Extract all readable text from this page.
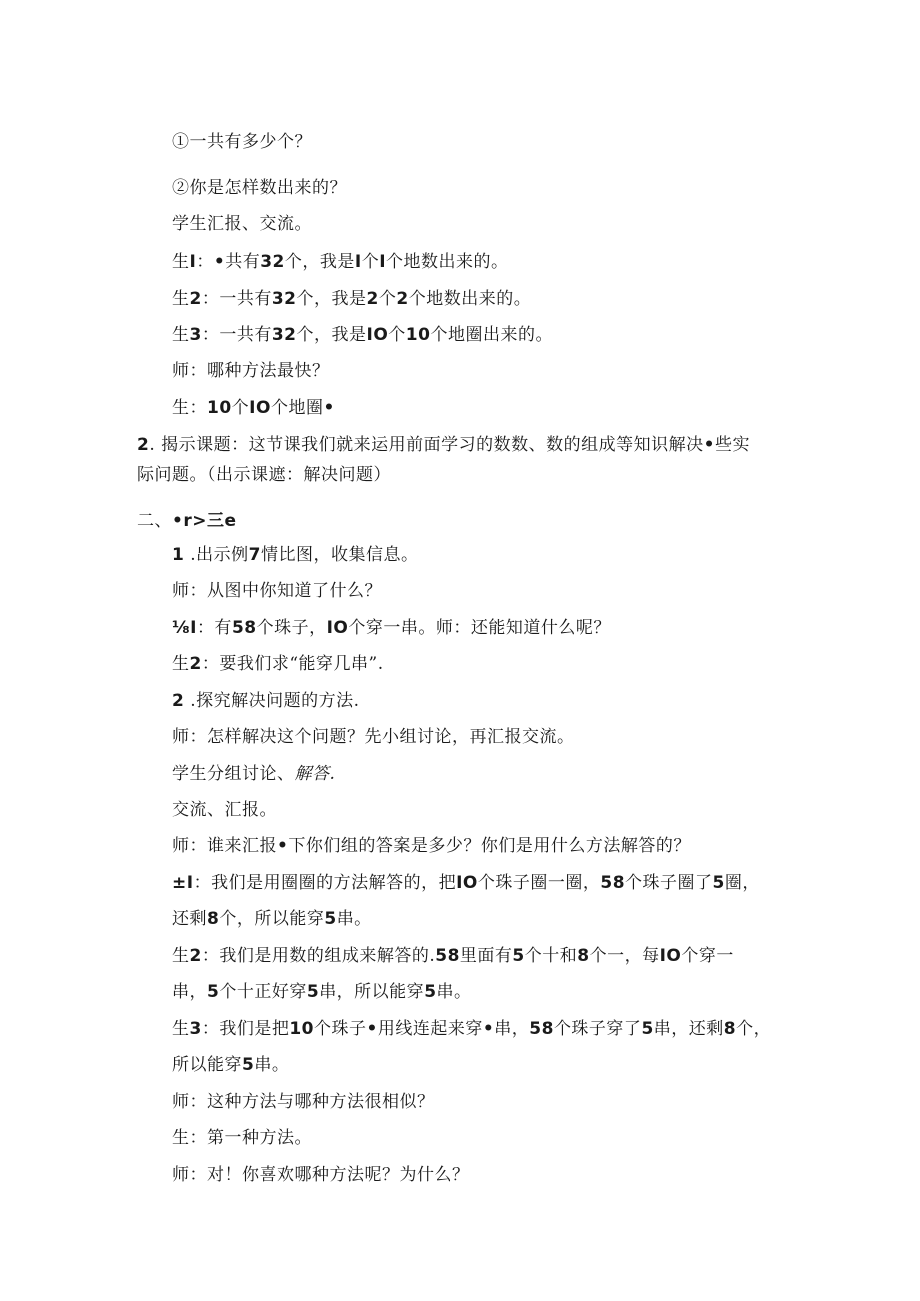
①一共有多少个？
②你是怎样数出来的？
学生汇报、交流。
生I：•共有32个，我是I个I个地数出来的。
生2：一共有32个，我是2个2个地数出来的。
生3：一共有32个，我是IO个10个地圈出来的。
师：哪种方法最快？
生：10个IO个地圈•
2. 揭示课题：这节课我们就来运用前面学习的数数、数的组成等知识解决•些实
际问题。（出示课遮：解决问题）
二、•r>三e
1 .出示例7情比图，收集信息。
师：从图中你知道了什么？
⅛I：有58个珠子，IO个穿一串。师：还能知道什么呢？
生2：要我们求“能穿几串”.
2 .探究解决问题的方法.
师：怎样解决这个问题？先小组讨论，再汇报交流。
学生分组讨论、解答.
交流、汇报。
师：谁来汇报•下你们组的答案是多少？你们是用什么方法解答的？
±I：我们是用圈圈的方法解答的，把IO个珠子圈一圈，58个珠子圈了5圈，
还剩8个，所以能穿5串。
生2：我们是用数的组成来解答的.58里面有5个十和8个一，每IO个穿一
串，5个十正好穿5串，所以能穿5串。
生3：我们是把10个珠子•用线连起来穿•串，58个珠子穿了5串，还剩8个，
所以能穿5串。
师：这种方法与哪种方法很相似？
生：第一种方法。
师：对！你喜欢哪种方法呢？为什么？
